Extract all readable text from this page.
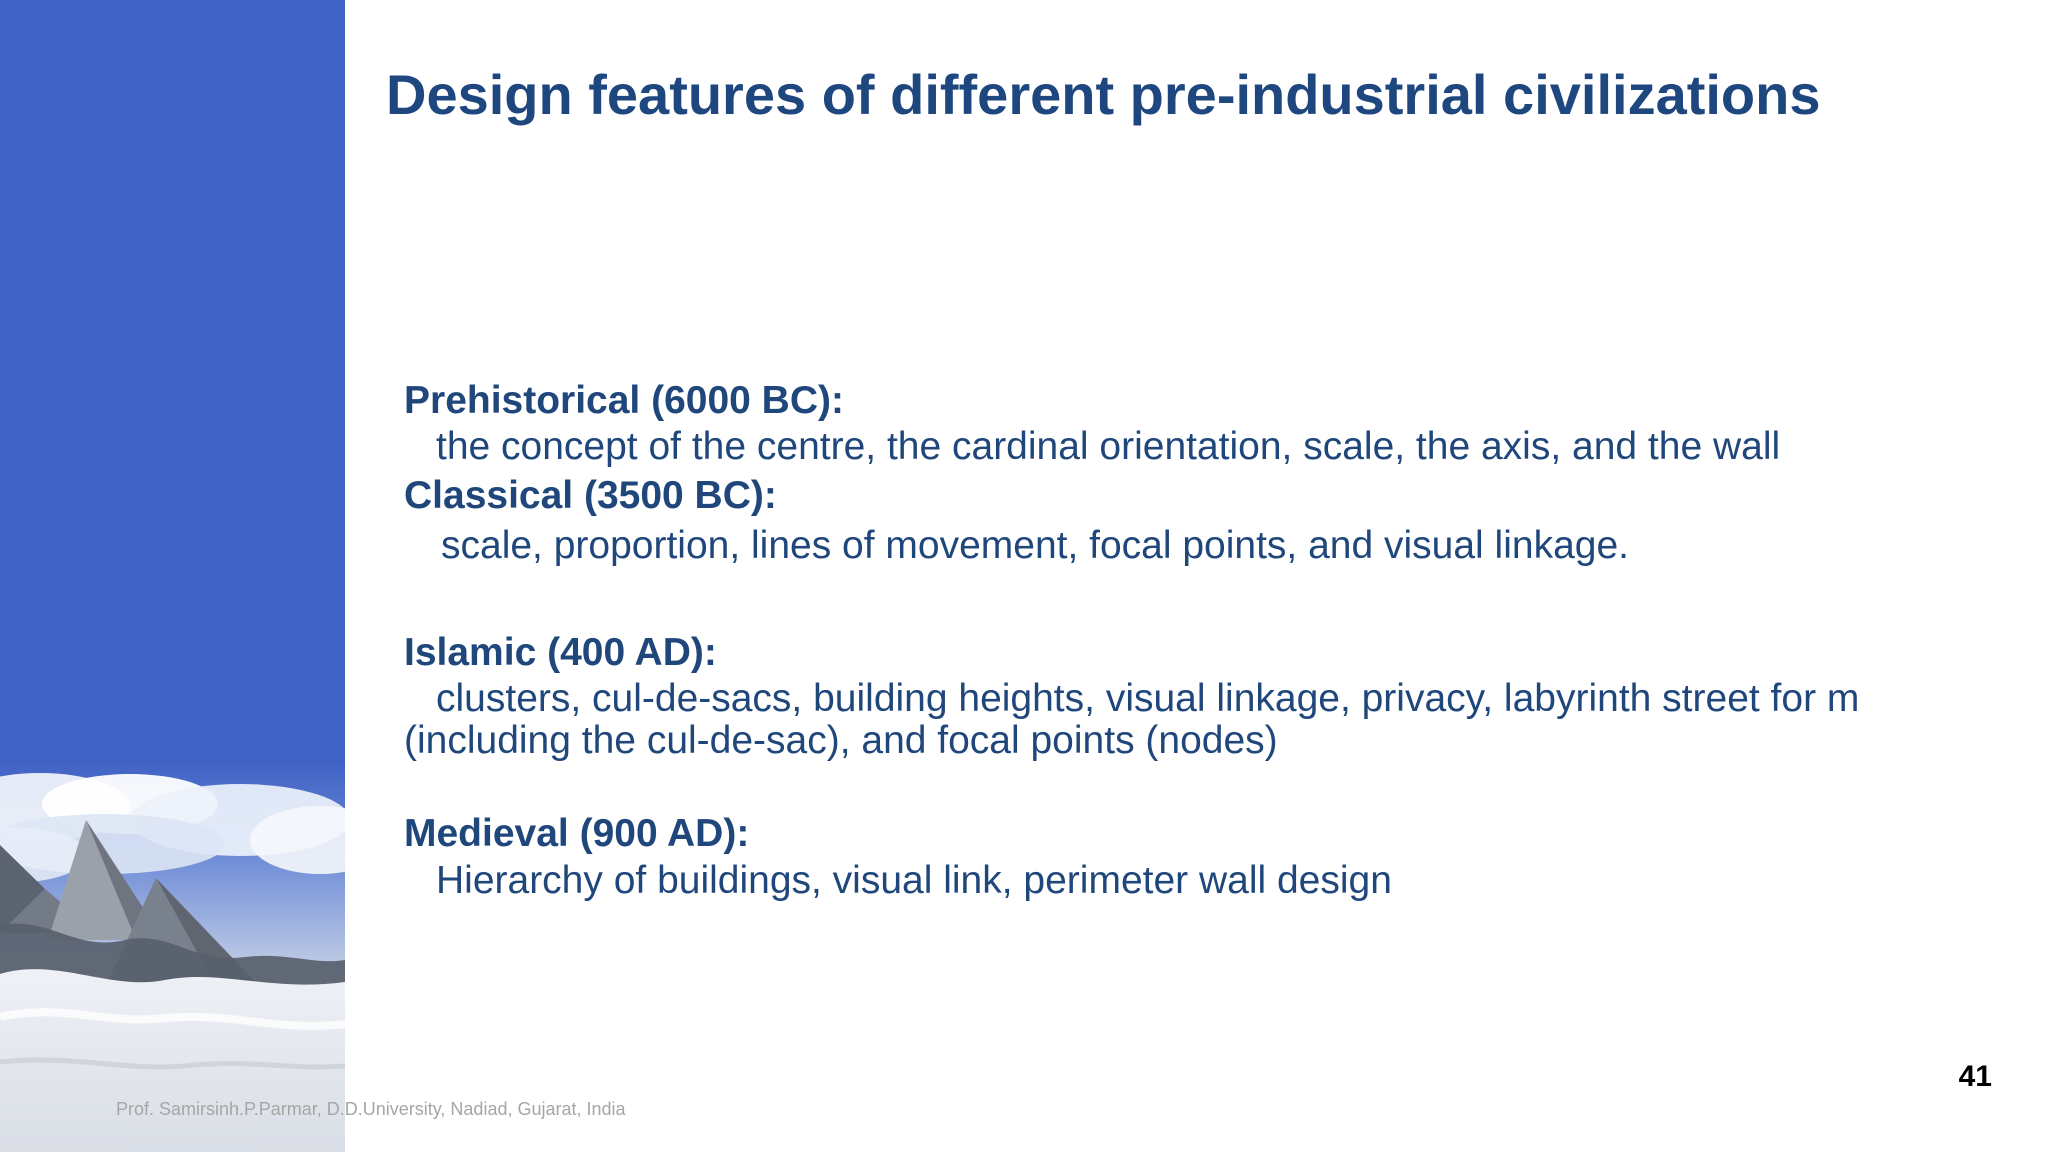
Design features of different pre-industrial civilizations
Prehistorical (6000 BC):
the concept of the centre, the cardinal orientation, scale, the axis, and the wall
Classical (3500 BC):
scale, proportion, lines of movement, focal points, and visual linkage.
Islamic (400 AD):
clusters, cul-de-sacs, building heights, visual linkage, privacy, labyrinth street for m (including the cul-de-sac), and focal points (nodes)
Medieval (900 AD):
Hierarchy of buildings, visual link, perimeter wall design
Prof. Samirsinh.P.Parmar, D.D.University, Nadiad, Gujarat, India
41
